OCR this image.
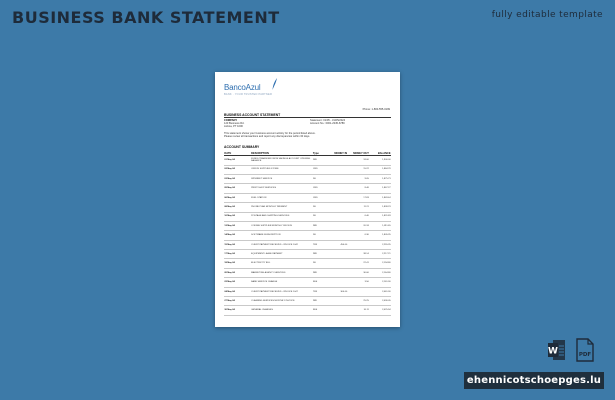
BUSINESS BANK STATEMENT	fully editable template
BancoAzul
BANK · YOUR TRUSTED PARTNER
Phone: 1-800-555-0199
BUSINESS ACCOUNT STATEMENT
COMPANY
123 Business Rd.
Lisboa, PT 1000
Statement: 01/05 - 31/05/2024
Account No.: 0001-2345-6789
This statement shows your business account activity for the period listed above.
Please review all transactions and report any discrepancies within 30 days.
ACCOUNT SUMMARY
DATE	DESCRIPTION	Type	MONEY IN	MONEY OUT	BALANCE
01 May 24	FUNDS TRANSFER FROM SAVINGS ACCOUNT OPENING BALANCE	PAY		18.00	1,900.00
02 May 24	OFFICE SUPPLIES STORE	CRD		15.22	1,884.78
03 May 24	INTERNET SERVICE	DD		9.05	1,875.73
05 May 24	PRINT SHOP SERVICES	CRD		8.46	1,867.27
06 May 24	FUEL STATION	CRD		17.83	1,849.44
08 May 24	PHONE PLAN MONTHLY PAYMENT	DD		11.21	1,838.23
10 May 24	POSTAGE AND SHIPPING SERVICES	DD		6.40	1,831.83
12 May 24	COFFEE SUPPLIER MONTHLY INVOICE	PAY		20.18	1,811.65
14 May 24	SOFTWARE SUBSCRIPTION	DD		6.30	1,805.35
15 May 24	CLIENT PAYMENT RECEIVED - INVOICE 1042	TFR	450.00		2,255.35
17 May 24	EQUIPMENT LEASE PAYMENT	PAY		38.14	2,217.21
18 May 24	ELECTRICITY BILL	DD		22.41	2,194.80
20 May 24	MARKETING AGENCY SERVICES	PAY		30.00	2,164.80
22 May 24	BANK SERVICE CHARGE	FEE		3.50	2,161.30
24 May 24	CLIENT PAYMENT RECEIVED - INVOICE 1047	TFR	300.00		2,461.30
27 May 24	CLEANING SERVICES MONTHLY INVOICE	PAY		25.25	2,436.05
30 May 24	GENERAL CHARGES	FEE		10.11	2,425.94
W	PDF
ehennicotschoepges.lu
